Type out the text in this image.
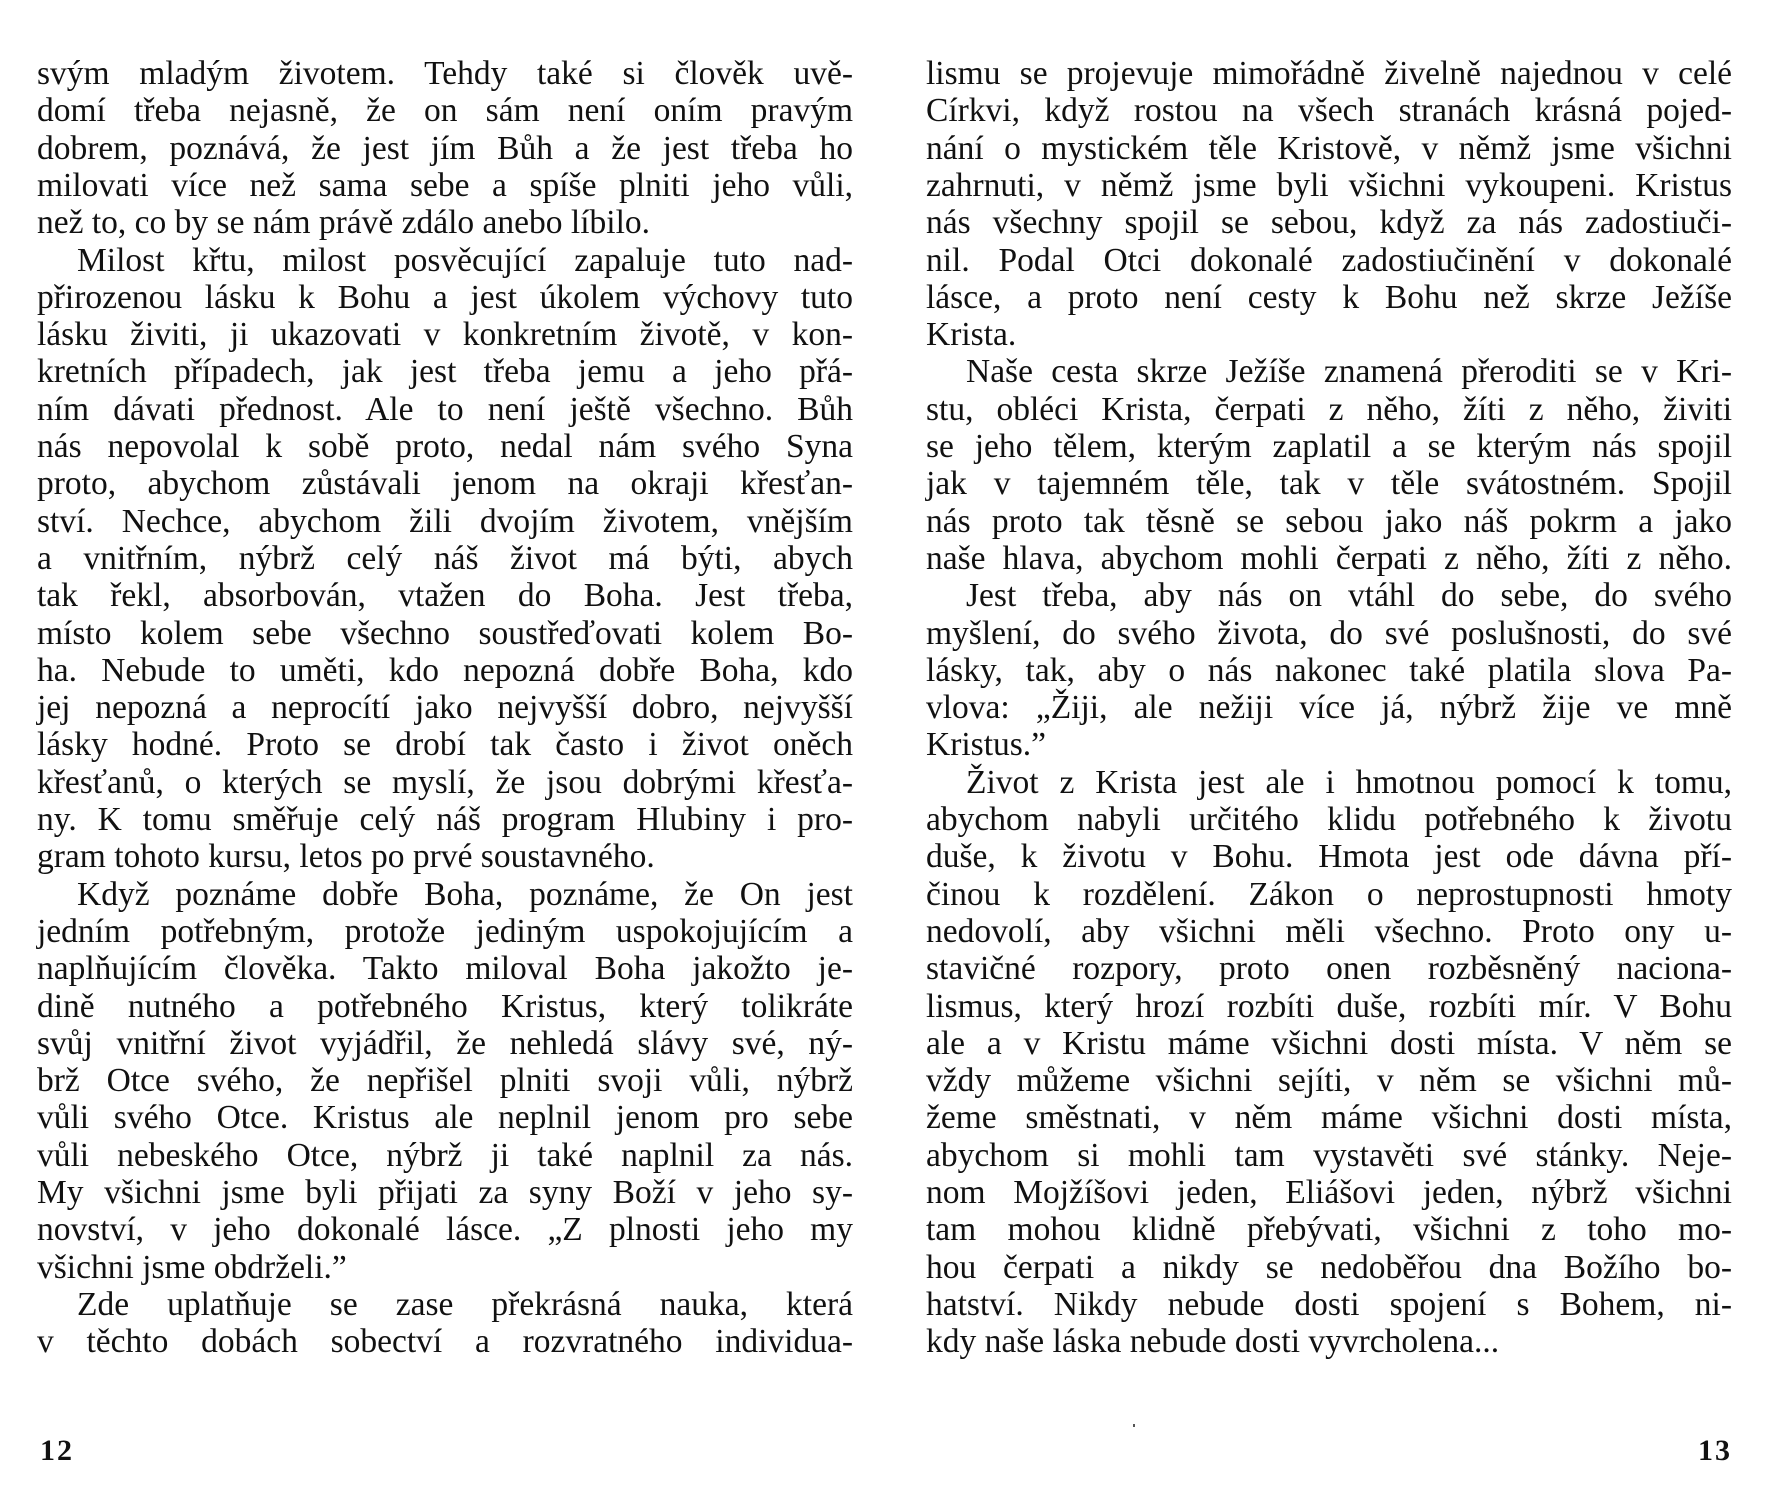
svým mladým životem. Tehdy také si člověk uvě-
domí třeba nejasně, že on sám není oním pravým
dobrem, poznává, že jest jím Bůh a že jest třeba ho
milovati více než sama sebe a spíše plniti jeho vůli,
než to, co by se nám právě zdálo anebo líbilo.
Milost křtu, milost posvěcující zapaluje tuto nad-
přirozenou lásku k Bohu a jest úkolem výchovy tuto
lásku živiti, ji ukazovati v konkretním životě, v kon-
kretních případech, jak jest třeba jemu a jeho přá-
ním dávati přednost. Ale to není ještě všechno. Bůh
nás nepovolal k sobě proto, nedal nám svého Syna
proto, abychom zůstávali jenom na okraji křesťan-
ství. Nechce, abychom žili dvojím životem, vnějším
a vnitřním, nýbrž celý náš život má býti, abych
tak řekl, absorbován, vtažen do Boha. Jest třeba,
místo kolem sebe všechno soustřeďovati kolem Bo-
ha. Nebude to uměti, kdo nepozná dobře Boha, kdo
jej nepozná a neprocítí jako nejvyšší dobro, nejvyšší
lásky hodné. Proto se drobí tak často i život oněch
křesťanů, o kterých se myslí, že jsou dobrými křesťa-
ny. K tomu směřuje celý náš program Hlubiny i pro-
gram tohoto kursu, letos po prvé soustavného.
Když poznáme dobře Boha, poznáme, že On jest
jedním potřebným, protože jediným uspokojujícím a
naplňujícím člověka. Takto miloval Boha jakožto je-
dině nutného a potřebného Kristus, který tolikráte
svůj vnitřní život vyjádřil, že nehledá slávy své, ný-
brž Otce svého, že nepřišel plniti svoji vůli, nýbrž
vůli svého Otce. Kristus ale neplnil jenom pro sebe
vůli nebeského Otce, nýbrž ji také naplnil za nás.
My všichni jsme byli přijati za syny Boží v jeho sy-
novství, v jeho dokonalé lásce. „Z plnosti jeho my
všichni jsme obdrželi.”
Zde uplatňuje se zase překrásná nauka, která
v těchto dobách sobectví a rozvratného individua-
12
lismu se projevuje mimořádně živelně najednou v celé
Církvi, když rostou na všech stranách krásná pojed-
nání o mystickém těle Kristově, v němž jsme všichni
zahrnuti, v němž jsme byli všichni vykoupeni. Kristus
nás všechny spojil se sebou, když za nás zadostiuči-
nil. Podal Otci dokonalé zadostiučinění v dokonalé
lásce, a proto není cesty k Bohu než skrze Ježíše
Krista.
Naše cesta skrze Ježíše znamená přeroditi se v Kri-
stu, obléci Krista, čerpati z něho, žíti z něho, živiti
se jeho tělem, kterým zaplatil a se kterým nás spojil
jak v tajemném těle, tak v těle svátostném. Spojil
nás proto tak těsně se sebou jako náš pokrm a jako
naše hlava, abychom mohli čerpati z něho, žíti z něho.
Jest třeba, aby nás on vtáhl do sebe, do svého
myšlení, do svého života, do své poslušnosti, do své
lásky, tak, aby o nás nakonec také platila slova Pa-
vlova: „Žiji, ale nežiji více já, nýbrž žije ve mně
Kristus.”
Život z Krista jest ale i hmotnou pomocí k tomu,
abychom nabyli určitého klidu potřebného k životu
duše, k životu v Bohu. Hmota jest ode dávna pří-
činou k rozdělení. Zákon o neprostupnosti hmoty
nedovolí, aby všichni měli všechno. Proto ony u-
stavičné rozpory, proto onen rozběsněný naciona-
lismus, který hrozí rozbíti duše, rozbíti mír. V Bohu
ale a v Kristu máme všichni dosti místa. V něm se
vždy můžeme všichni sejíti, v něm se všichni mů-
žeme směstnati, v něm máme všichni dosti místa,
abychom si mohli tam vystavěti své stánky. Neje-
nom Mojžíšovi jeden, Eliášovi jeden, nýbrž všichni
tam mohou klidně přebývati, všichni z toho mo-
hou čerpati a nikdy se nedoběřou dna Božího bo-
hatství. Nikdy nebude dosti spojení s Bohem, ni-
kdy naše láska nebude dosti vyvrcholena...
13
